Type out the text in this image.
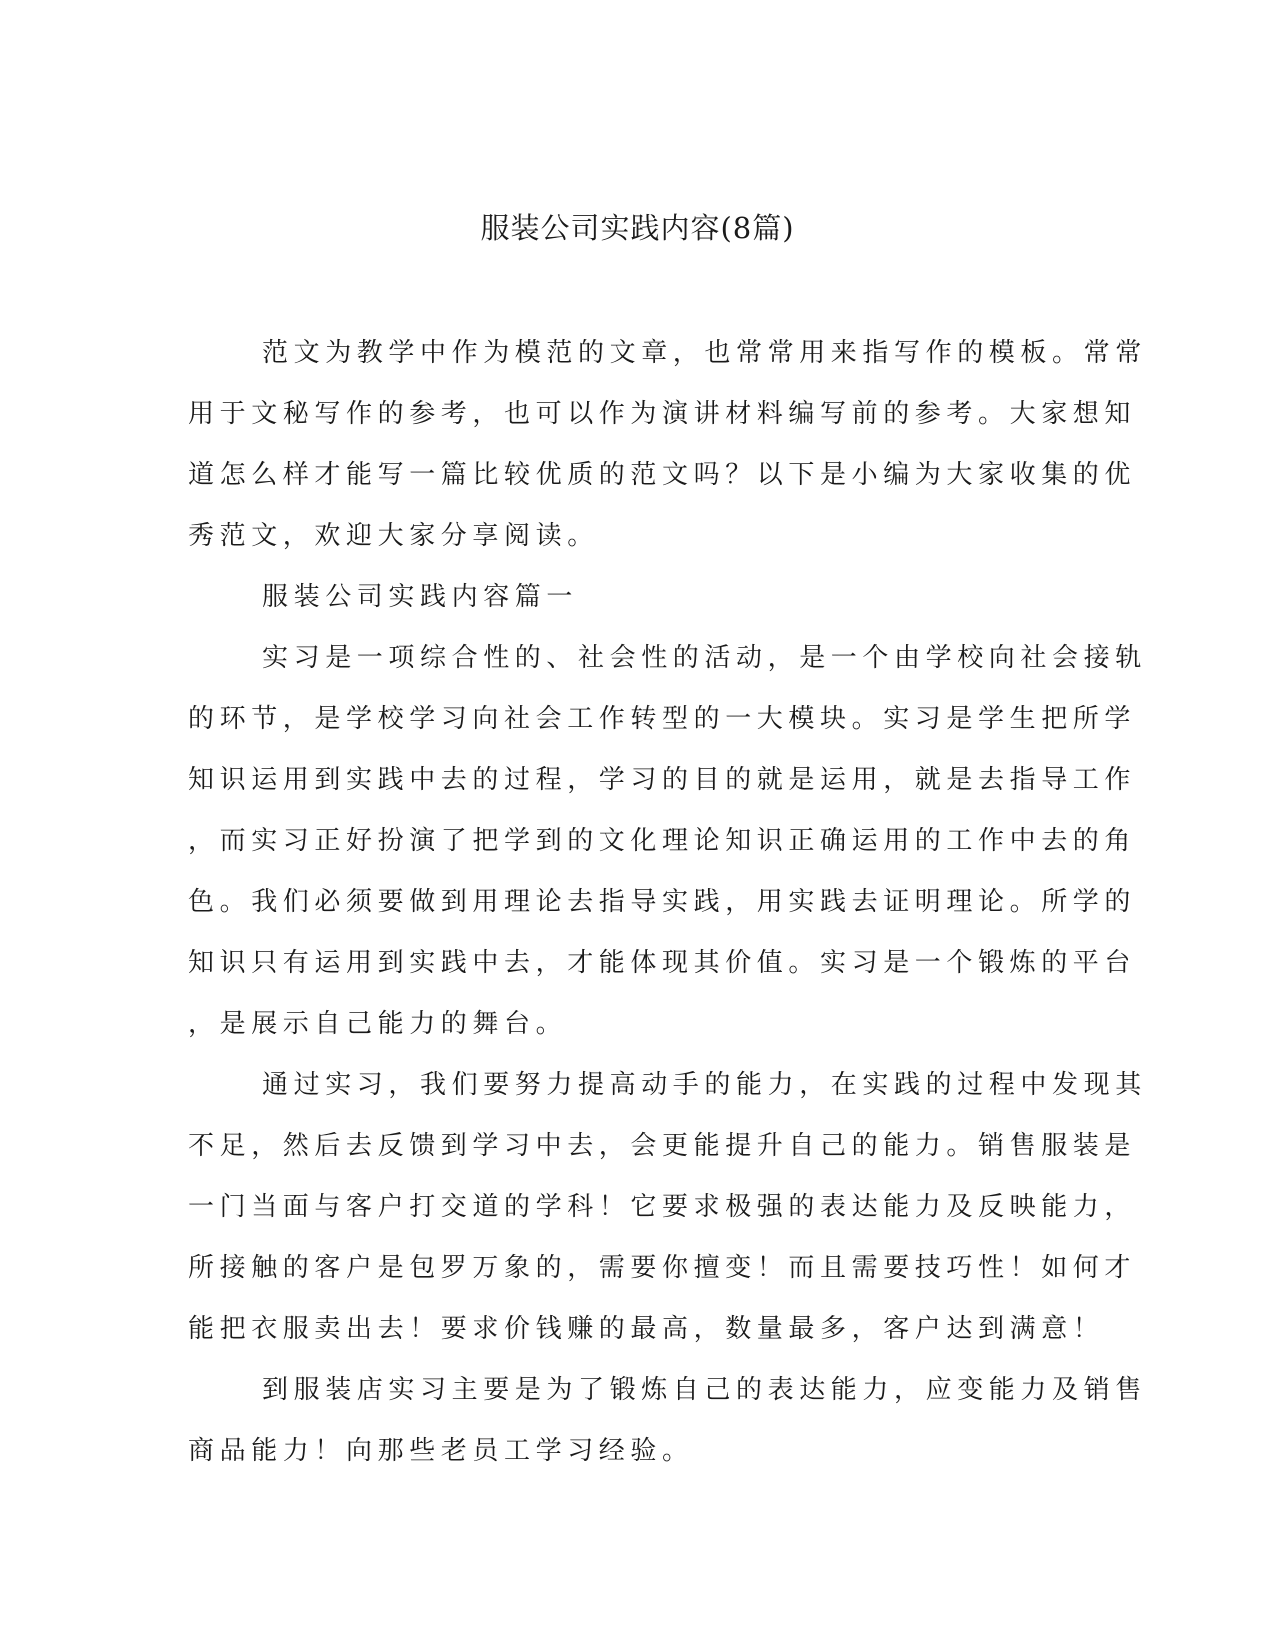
服装公司实践内容(8篇)
范文为教学中作为模范的文章，也常常用来指写作的模板。常常
用于文秘写作的参考，也可以作为演讲材料编写前的参考。大家想知
道怎么样才能写一篇比较优质的范文吗？以下是小编为大家收集的优
秀范文，欢迎大家分享阅读。
服装公司实践内容篇一
实习是一项综合性的、社会性的活动，是一个由学校向社会接轨
的环节，是学校学习向社会工作转型的一大模块。实习是学生把所学
知识运用到实践中去的过程，学习的目的就是运用，就是去指导工作
，而实习正好扮演了把学到的文化理论知识正确运用的工作中去的角
色。我们必须要做到用理论去指导实践，用实践去证明理论。所学的
知识只有运用到实践中去，才能体现其价值。实习是一个锻炼的平台
，是展示自己能力的舞台。
通过实习，我们要努力提高动手的能力，在实践的过程中发现其
不足，然后去反馈到学习中去，会更能提升自己的能力。销售服装是
一门当面与客户打交道的学科！它要求极强的表达能力及反映能力，
所接触的客户是包罗万象的，需要你擅变！而且需要技巧性！如何才
能把衣服卖出去！要求价钱赚的最高，数量最多，客户达到满意！
到服装店实习主要是为了锻炼自己的表达能力，应变能力及销售
商品能力！向那些老员工学习经验。
